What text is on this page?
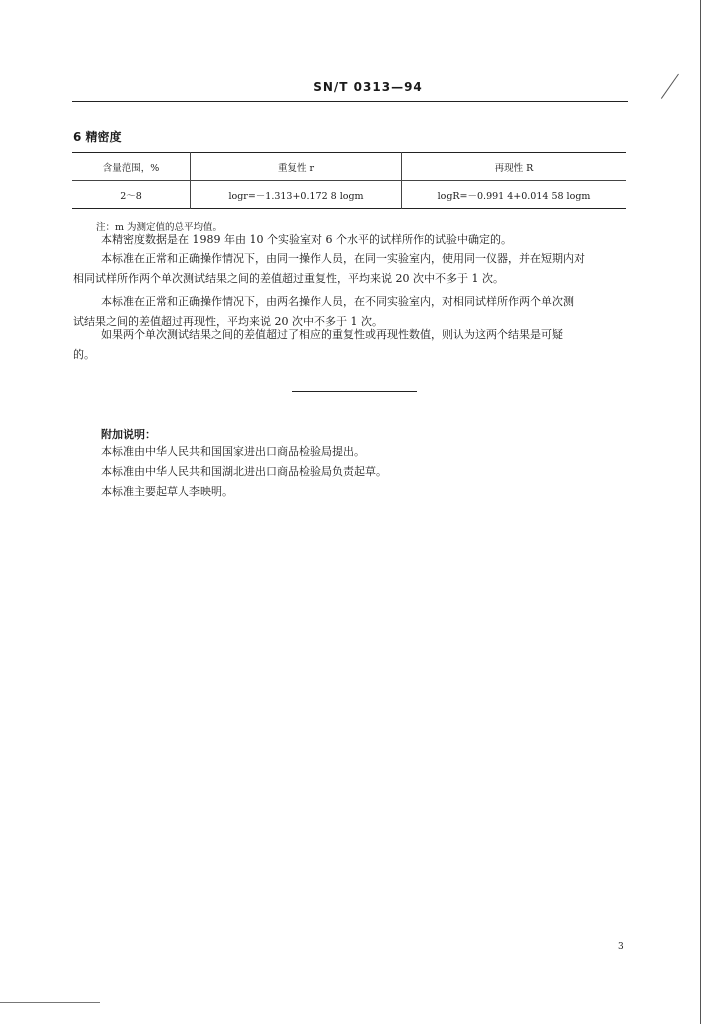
SN/T 0313—94
6 精密度
含量范围，%	重复性 r	再现性 R
2～8	logr=－1.313+0.172 8 logm	logR=－0.991 4+0.014 58 logm
注：m 为测定值的总平均值。
本精密度数据是在 1989 年由 10 个实验室对 6 个水平的试样所作的试验中确定的。
本标准在正常和正确操作情况下，由同一操作人员，在同一实验室内，使用同一仪器，并在短期内对
相同试样所作两个单次测试结果之间的差值超过重复性，平均来说 20 次中不多于 1 次。
本标准在正常和正确操作情况下，由两名操作人员，在不同实验室内，对相同试样所作两个单次测
试结果之间的差值超过再现性，平均来说 20 次中不多于 1 次。
如果两个单次测试结果之间的差值超过了相应的重复性或再现性数值，则认为这两个结果是可疑
的。
附加说明：
本标准由中华人民共和国国家进出口商品检验局提出。
本标准由中华人民共和国湖北进出口商品检验局负责起草。
本标准主要起草人李映明。
3
